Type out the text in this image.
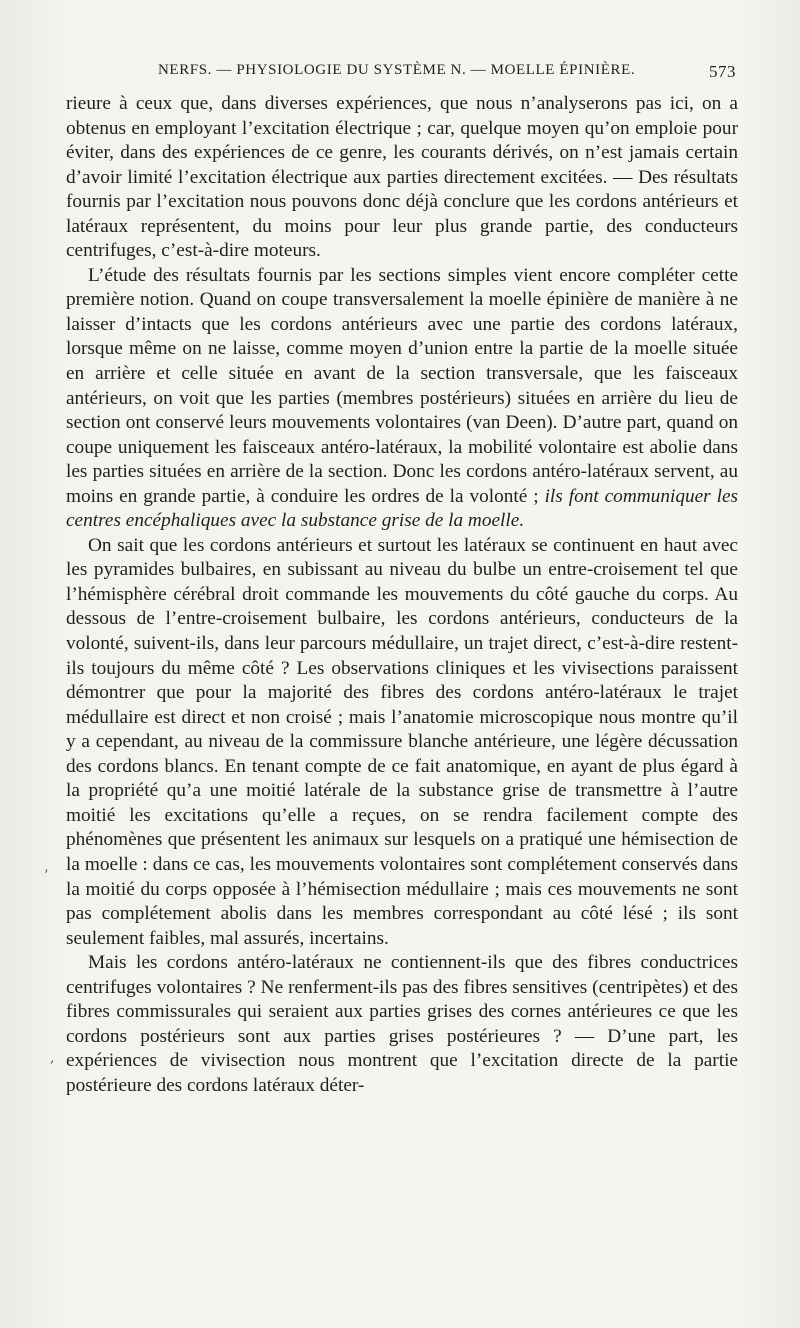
NERFS. — PHYSIOLOGIE DU SYSTÈME N. — MOELLE ÉPINIÈRE.	573

rieure à ceux que, dans diverses expériences, que nous n’analyserons pas ici, on a obtenus en employant l’excitation électrique ; car, quelque moyen qu’on emploie pour éviter, dans des expériences de ce genre, les courants dérivés, on n’est jamais certain d’avoir limité l’excitation électrique aux parties directement excitées. — Des résultats fournis par l’excitation nous pouvons donc déjà conclure que les cordons antérieurs et latéraux représentent, du moins pour leur plus grande partie, des conducteurs centrifuges, c’est-à-dire moteurs.

L’étude des résultats fournis par les sections simples vient encore compléter cette première notion. Quand on coupe transversalement la moelle épinière de manière à ne laisser d’intacts que les cordons antérieurs avec une partie des cordons latéraux, lorsque même on ne laisse, comme moyen d’union entre la partie de la moelle située en arrière et celle située en avant de la section transversale, que les faisceaux antérieurs, on voit que les parties (membres postérieurs) situées en arrière du lieu de section ont conservé leurs mouvements volontaires (van Deen). D’autre part, quand on coupe uniquement les faisceaux antéro-latéraux, la mobilité volontaire est abolie dans les parties situées en arrière de la section. Donc les cordons antéro-latéraux servent, au moins en grande partie, à conduire les ordres de la volonté ; ils font communiquer les centres encéphaliques avec la substance grise de la moelle.

On sait que les cordons antérieurs et surtout les latéraux se continuent en haut avec les pyramides bulbaires, en subissant au niveau du bulbe un entre-croisement tel que l’hémisphère cérébral droit commande les mouvements du côté gauche du corps. Au dessous de l’entre-croisement bulbaire, les cordons antérieurs, conducteurs de la volonté, suivent-ils, dans leur parcours médullaire, un trajet direct, c’est-à-dire restent-ils toujours du même côté ? Les observations cliniques et les vivisections paraissent démontrer que pour la majorité des fibres des cordons antéro-latéraux le trajet médullaire est direct et non croisé ; mais l’anatomie microscopique nous montre qu’il y a cependant, au niveau de la commissure blanche antérieure, une légère décussation des cordons blancs. En tenant compte de ce fait anatomique, en ayant de plus égard à la propriété qu’a une moitié latérale de la substance grise de transmettre à l’autre moitié les excitations qu’elle a reçues, on se rendra facilement compte des phénomènes que présentent les animaux sur lesquels on a pratiqué une hémisection de la moelle : dans ce cas, les mouvements volontaires sont complétement conservés dans la moitié du corps opposée à l’hémisection médullaire ; mais ces mouvements ne sont pas complétement abolis dans les membres correspondant au côté lésé ; ils sont seulement faibles, mal assurés, incertains.

Mais les cordons antéro-latéraux ne contiennent-ils que des fibres conductrices centrifuges volontaires ? Ne renferment-ils pas des fibres sensitives (centripètes) et des fibres commissurales qui seraient aux parties grises des cornes antérieures ce que les cordons postérieurs sont aux parties grises postérieures ? — D’une part, les expériences de vivisection nous montrent que l’excitation directe de la partie postérieure des cordons latéraux déter-

’
,
